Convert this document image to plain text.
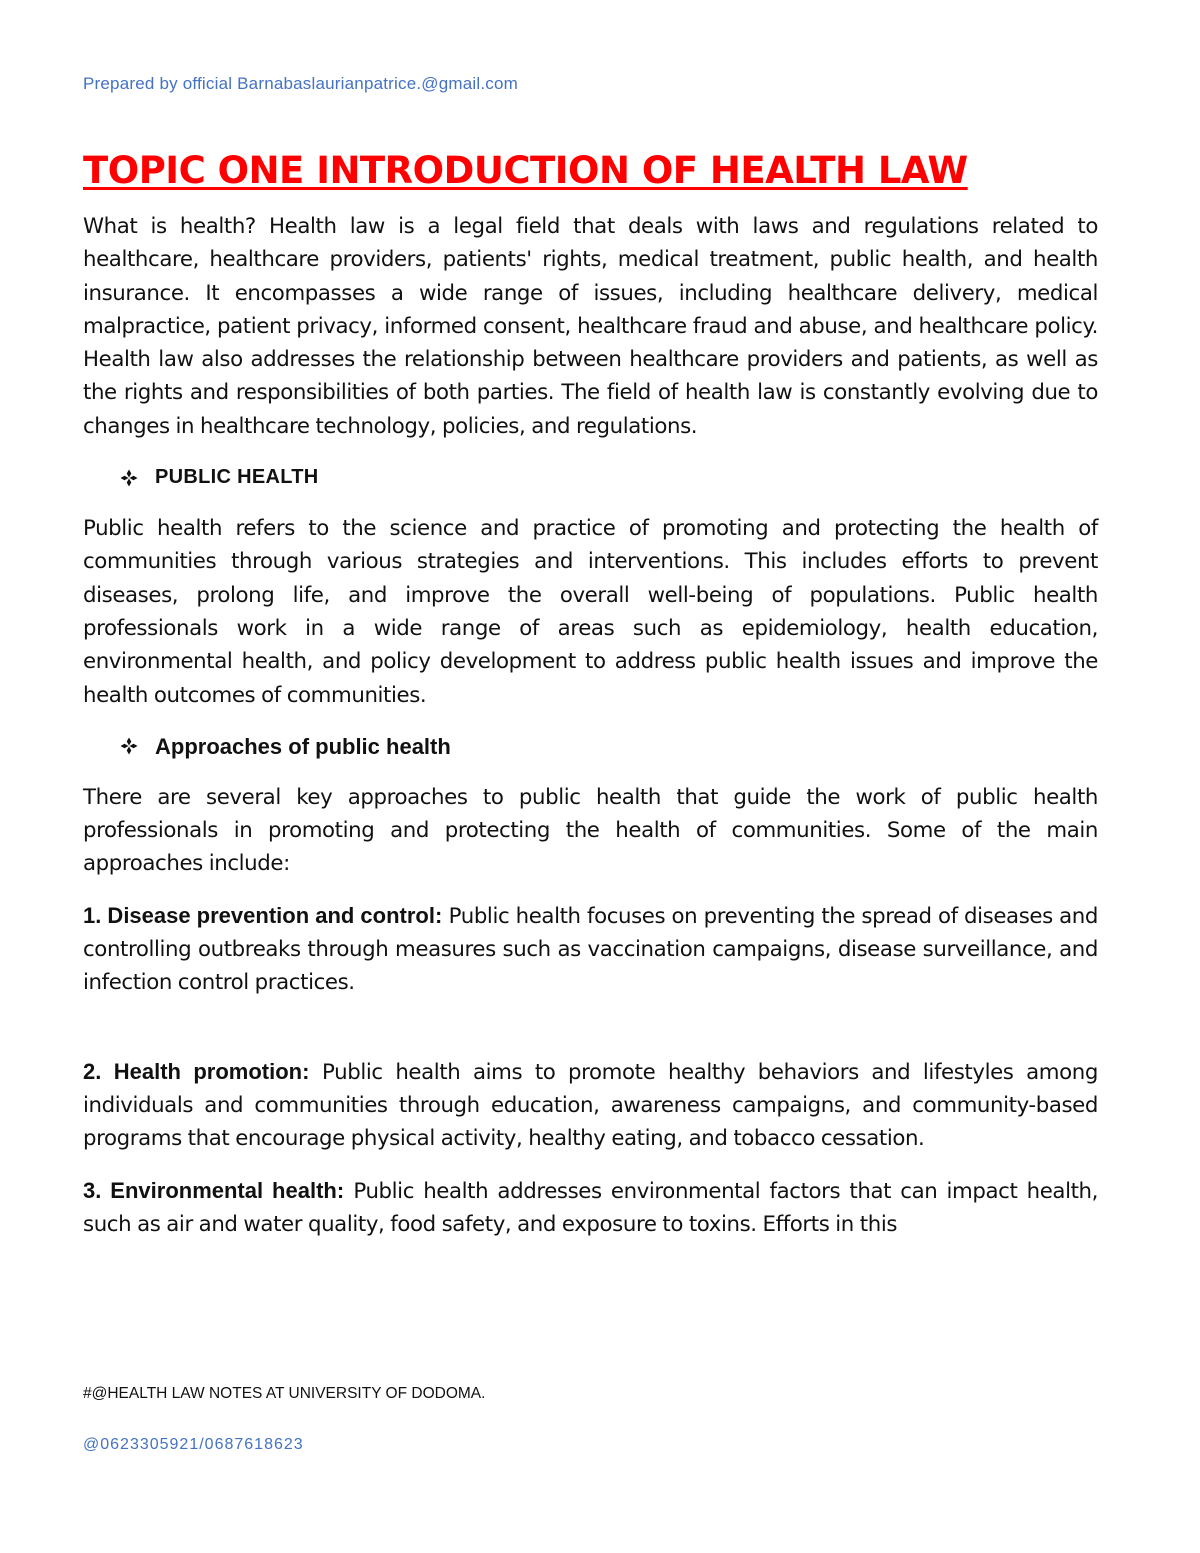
Prepared by official Barnabaslaurianpatrice.@gmail.com
TOPIC ONE INTRODUCTION OF HEALTH LAW

What is health? Health law is a legal field that deals with laws and regulations related to healthcare, healthcare providers, patients' rights, medical treatment, public health, and health insurance. It encompasses a wide range of issues, including healthcare delivery, medical malpractice, patient privacy, informed consent, healthcare fraud and abuse, and healthcare policy. Health law also addresses the relationship between healthcare providers and patients, as well as the rights and responsibilities of both parties. The field of health law is constantly evolving due to changes in healthcare technology, policies, and regulations.

PUBLIC HEALTH

Public health refers to the science and practice of promoting and protecting the health of communities through various strategies and interventions. This includes efforts to prevent diseases, prolong life, and improve the overall well-being of populations. Public health professionals work in a wide range of areas such as epidemiology, health education, environmental health, and policy development to address public health issues and improve the health outcomes of communities.

Approaches of public health

There are several key approaches to public health that guide the work of public health professionals in promoting and protecting the health of communities. Some of the main approaches include:

1. Disease prevention and control: Public health focuses on preventing the spread of diseases and controlling outbreaks through measures such as vaccination campaigns, disease surveillance, and infection control practices.

2. Health promotion: Public health aims to promote healthy behaviors and lifestyles among individuals and communities through education, awareness campaigns, and community-based programs that encourage physical activity, healthy eating, and tobacco cessation.

3. Environmental health: Public health addresses environmental factors that can impact health, such as air and water quality, food safety, and exposure to toxins. Efforts in this

#@HEALTH LAW NOTES AT UNIVERSITY OF DODOMA.
@0623305921/0687618623
